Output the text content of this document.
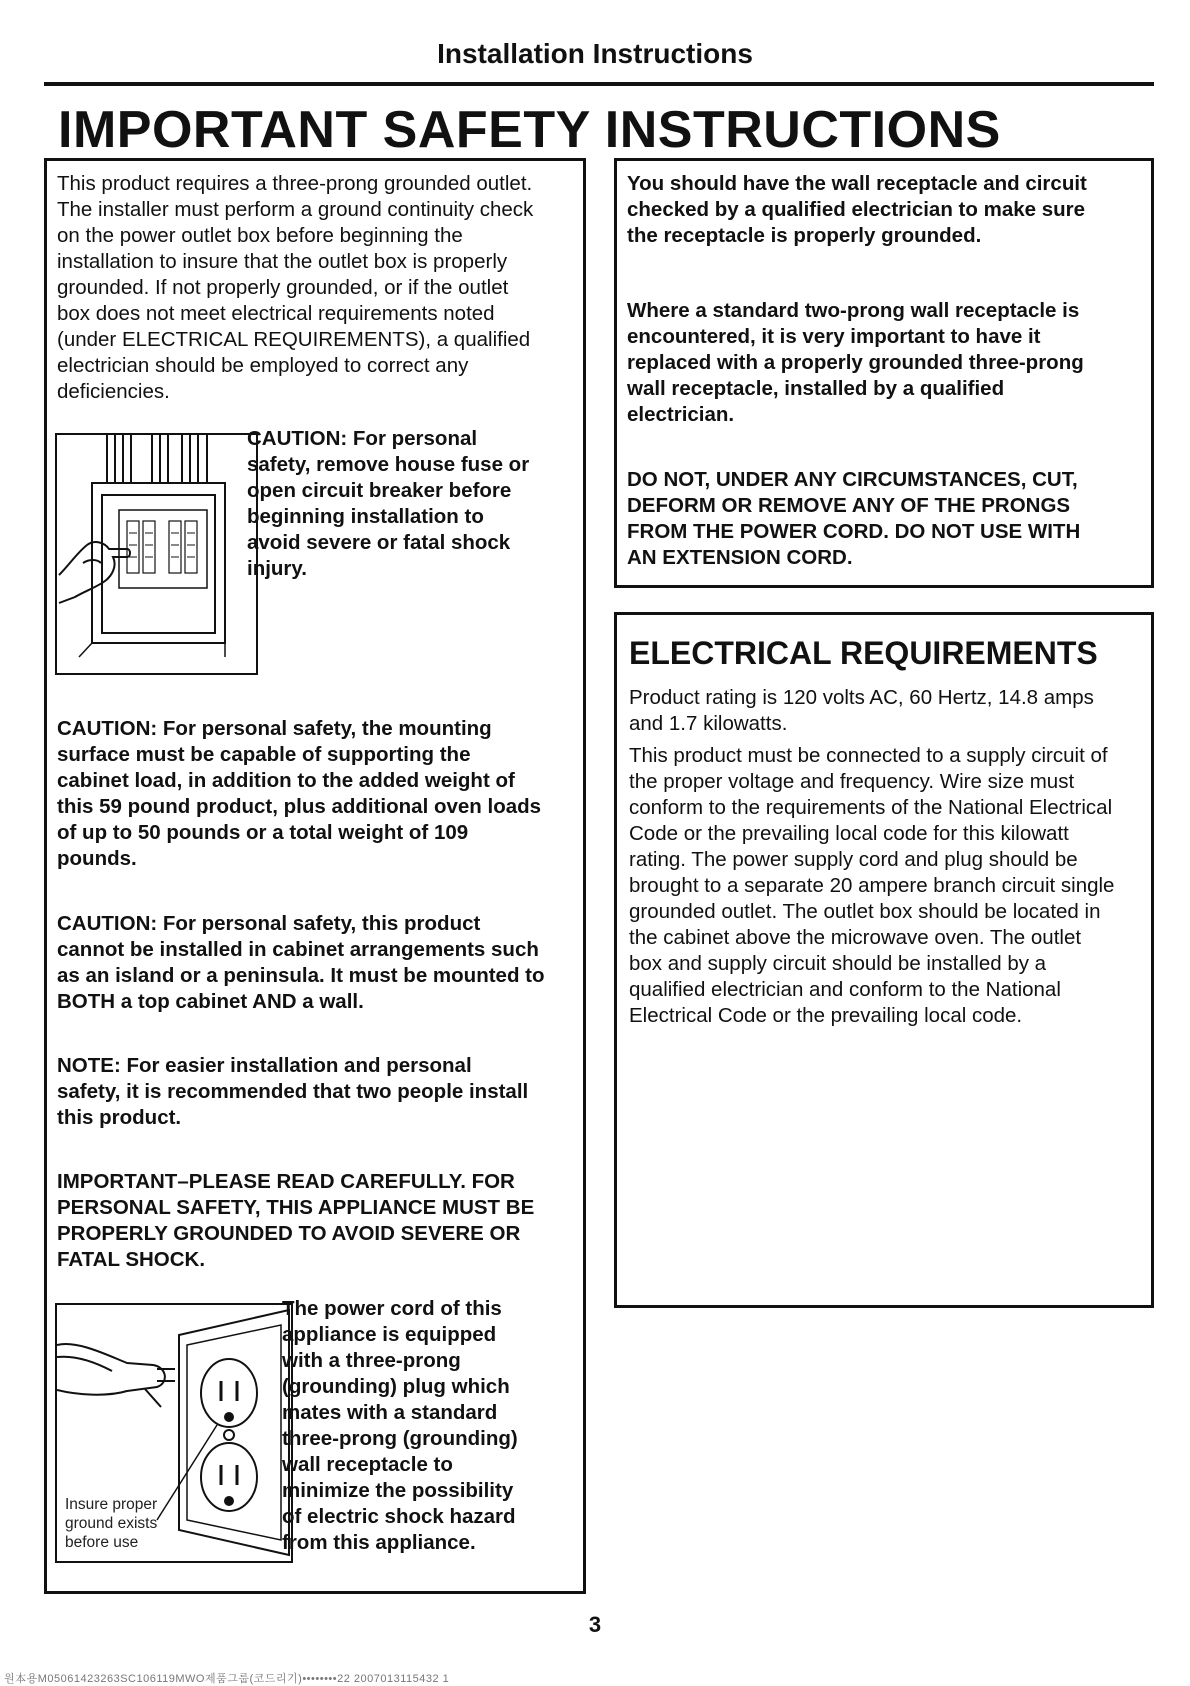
Installation Instructions
IMPORTANT SAFETY INSTRUCTIONS

This product requires a three-prong grounded outlet.

The installer must perform a ground continuity check

on the power outlet box before beginning the

installation to insure that the outlet box is properly

grounded. If not properly grounded, or if the outlet

box does not meet electrical requirements noted

(under ELECTRICAL REQUIREMENTS), a qualified

electrician should be employed to correct any

deficiencies.

CAUTION: For personal

safety, remove house fuse or

open circuit breaker before

beginning installation to

avoid severe or fatal shock

injury.

CAUTION: For personal safety, the mounting

surface must be capable of supporting the

cabinet load, in addition to the added weight of

this 59 pound product, plus additional oven loads

of up to 50 pounds or a total weight of 109

pounds.

CAUTION: For personal safety, this product

cannot be installed in cabinet arrangements such

as an island or a peninsula. It must be mounted to

BOTH a top cabinet AND a wall.

NOTE: For easier installation and personal

safety, it is recommended that two people install

this product.

IMPORTANT–PLEASE READ CAREFULLY. FOR

PERSONAL SAFETY, THIS APPLIANCE MUST BE

PROPERLY GROUNDED TO AVOID SEVERE OR

FATAL SHOCK.

Insure proper

ground exists

before use

The power cord of this

appliance is equipped

with a three-prong

(grounding) plug which

mates with a standard

three-prong (grounding)

wall receptacle to

minimize the possibility

of electric shock hazard

from this appliance.

You should have the wall receptacle and circuit

checked by a qualified electrician to make sure

the receptacle is properly grounded.

Where a standard two-prong wall receptacle is

encountered, it is very important to have it

replaced with a properly grounded three-prong

wall receptacle, installed by a qualified

electrician.

DO NOT, UNDER ANY CIRCUMSTANCES, CUT,

DEFORM OR REMOVE ANY OF THE PRONGS

FROM THE POWER CORD. DO NOT USE WITH

AN EXTENSION CORD.

ELECTRICAL REQUIREMENTS

Product rating is 120 volts AC, 60 Hertz, 14.8 amps

and 1.7 kilowatts.

This product must be connected to a supply circuit of

the proper voltage and frequency. Wire size must

conform to the requirements of the National Electrical

Code or the prevailing local code for this kilowatt

rating. The power supply cord and plug should be

brought to a separate 20 ampere branch circuit single

grounded outlet. The outlet box should be located in

the cabinet above the microwave oven. The outlet

box and supply circuit should be installed by a

qualified electrician and conform to the National

Electrical Code or the prevailing local code.

3
원本용M05061423263SC106119MWO제품그룹(코드리기)••••••••22 2007013115432 1
